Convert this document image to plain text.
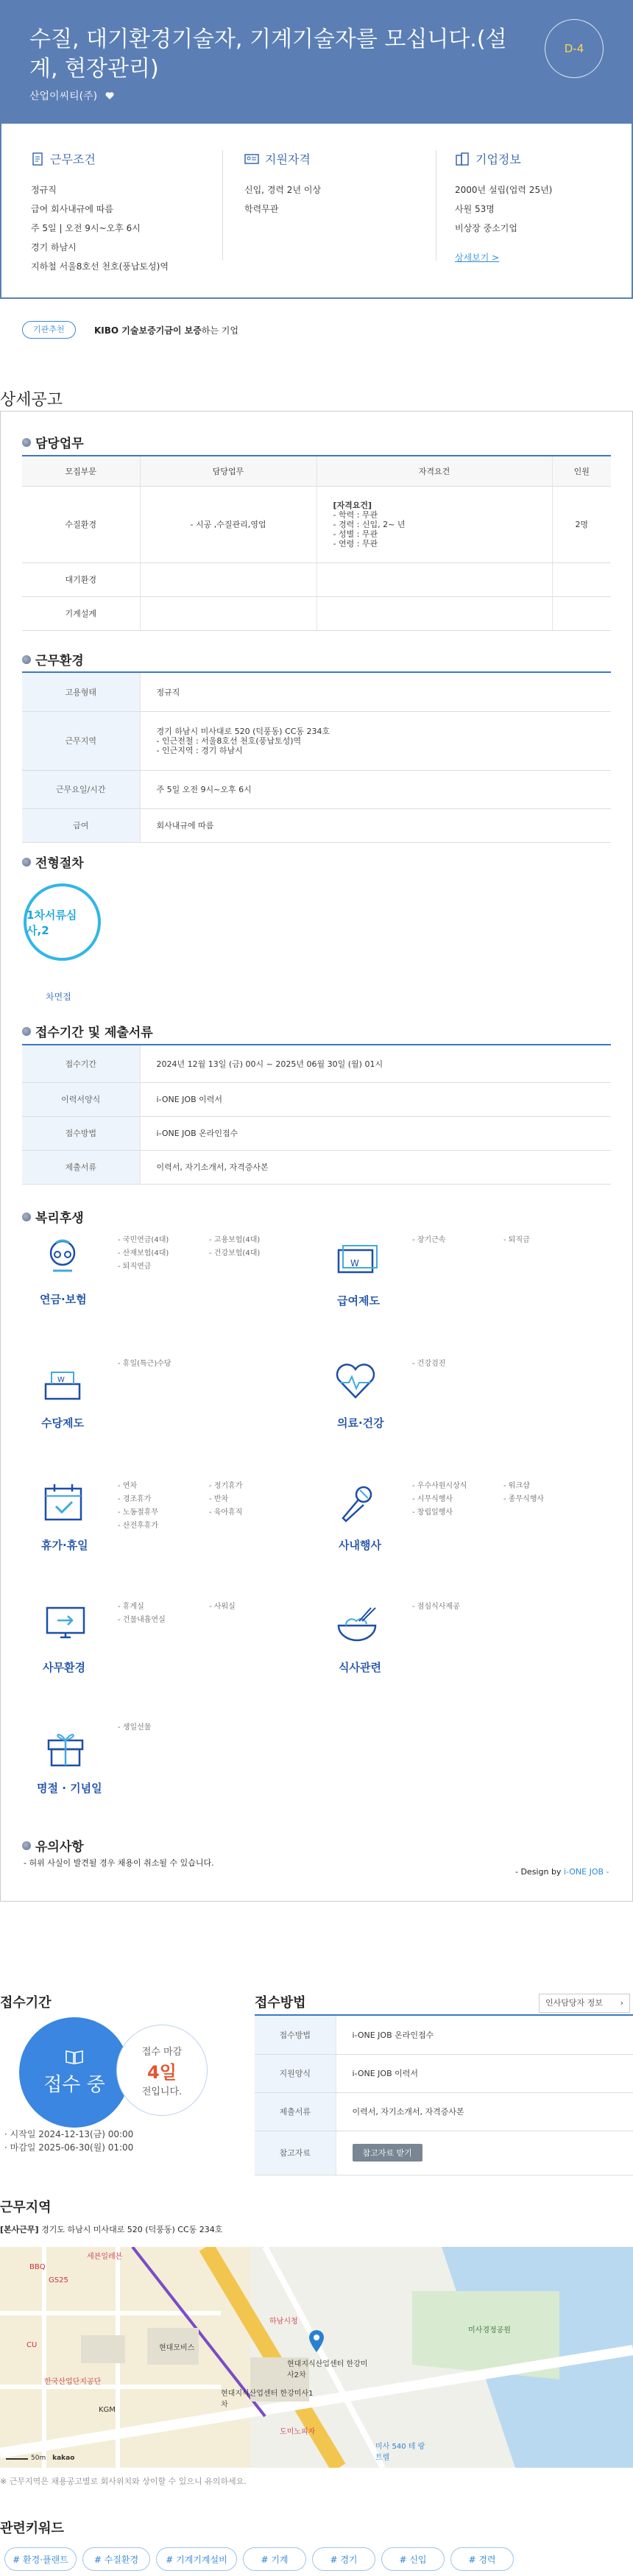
수질, 대기환경기술자, 기계기술자를 모십니다.(설계, 현장관리)
산업이씨티(주)
D-4
근무조건

정규직

급여 회사내규에 따름

주 5일 | 오전 9시~오후 6시

경기 하남시

지하철 서울8호선 천호(풍납토성)역

지원자격

신입, 경력 2년 이상

학력무관

기업정보

2000년 설립(업력 25년)

사원 53명

비상장 중소기업

상세보기 >

기관추천	KIBO 기술보증기금이 보증하는 기업
상세공고
담당업무
모집부문	담당업무	자격요건	인원
수질환경	- 시공 ,수질관리,영업	[자격요건]
- 학력 : 무관
- 경력 : 신입, 2~ 년
- 성별 : 무관
- 연령 : 무관	2명
대기환경			
기계설계			
근무환경
고용형태	정규직
근무지역	경기 하남시 미사대로 520 (덕풍동) CC동 234호
- 인근전철 : 서울8호선 천호(풍납토성)역
- 인근지역 : 경기 하남시

근무요일/시간	주 5일 오전 9시~오후 6시
급여	회사내규에 따름
전형절차
1차서류심사,2
차면접
접수기간 및 제출서류
접수기간	2024년 12월 13일 (금) 00시 ~ 2025년 06월 30일 (월) 01시
이력서양식	i-ONE JOB 이력서
접수방법	i-ONE JOB 온라인접수
제출서류	이력서, 자기소개서, 자격증사본
복리후생
연금·보험
- 국민연금(4대)
- 산재보험(4대)
- 퇴직연금
- 고용보험(4대)
- 건강보험(4대)
W
급여제도
- 장기근속	- 퇴직금
W
수당제도
- 휴일(특근)수당
의료·건강
- 건강검진
휴가·휴일
- 연차
- 경조휴가
- 노동절휴무
- 산전후휴가
- 정기휴가
- 반차
- 육아휴직
사내행사
- 우수사원시상식
- 시무식행사
- 창립일행사
- 워크샵
- 종무식행사
사무환경
- 휴게실
- 건물내흡연실
- 사워실
식사관련
- 점심식사제공
명절 · 기념일
- 생일선물
유의사항
- 허위 사실이 발견될 경우 채용이 취소될 수 있습니다.
- Design by i-ONE JOB -
접수기간
접수 중
접수 마감
4일
전입니다.
· 시작일 2024-12-13(금) 00:00
· 마감일 2025-06-30(월) 01:00
접수방법	인사담당자 정보 ›
접수방법	i-ONE JOB 온라인접수
지원양식	i-ONE JOB 이력서
제출서류	이력서, 자기소개서, 자격증사본
참고자료	참고자료 받기
근무지역
[본사근무] 경기도 하남시 미사대로 520 (덕풍동) CC동 234호
현대지식산업센터 한강미사2차
현대지식산업센터 한강미사1차
미사 540 테 랑트렐
도미노피자
하남시청
미사경정공원
GS25
CU
BBQ
현대모비스
한국산업단지공단
KGM
세븐일레븐
50m kakao
※ 근무지역은 채용공고별로 회사위치와 상이할 수 있으니 유의하세요.
관련키워드
# 환경·플랜트	# 수질환경	# 기계기계설비	# 기계	# 경기	# 신입	# 경력
